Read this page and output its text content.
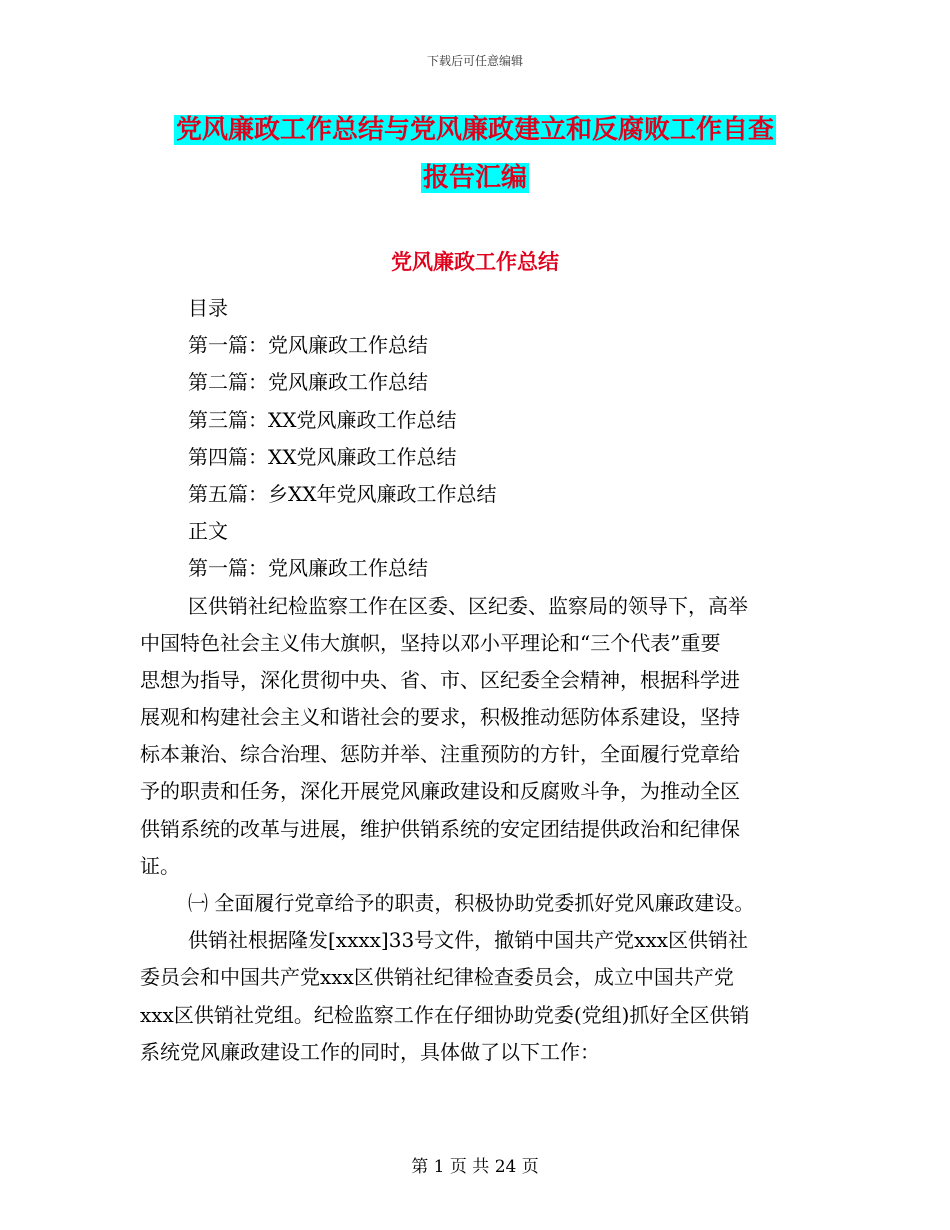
下载后可任意编辑
党风廉政工作总结与党风廉政建立和反腐败工作自查
报告汇编
党风廉政工作总结
目录
第一篇：党风廉政工作总结
第二篇：党风廉政工作总结
第三篇：XX党风廉政工作总结
第四篇：XX党风廉政工作总结
第五篇：乡XX年党风廉政工作总结
正文
第一篇：党风廉政工作总结
区供销社纪检监察工作在区委、区纪委、监察局的领导下，高举
中国特色社会主义伟大旗帜，坚持以邓小平理论和“三个代表”重要
思想为指导，深化贯彻中央、省、市、区纪委全会精神，根据科学进
展观和构建社会主义和谐社会的要求，积极推动惩防体系建设，坚持
标本兼治、综合治理、惩防并举、注重预防的方针，全面履行党章给
予的职责和任务，深化开展党风廉政建设和反腐败斗争，为推动全区
供销系统的改革与进展，维护供销系统的安定团结提供政治和纪律保
证。
㈠ 全面履行党章给予的职责，积极协助党委抓好党风廉政建设。
供销社根据隆发[xxxx]33号文件，撤销中国共产党xxx区供销社
委员会和中国共产党xxx区供销社纪律检查委员会，成立中国共产党
xxx区供销社党组。纪检监察工作在仔细协助党委(党组)抓好全区供销
系统党风廉政建设工作的同时，具体做了以下工作：
第 1 页 共 24 页
